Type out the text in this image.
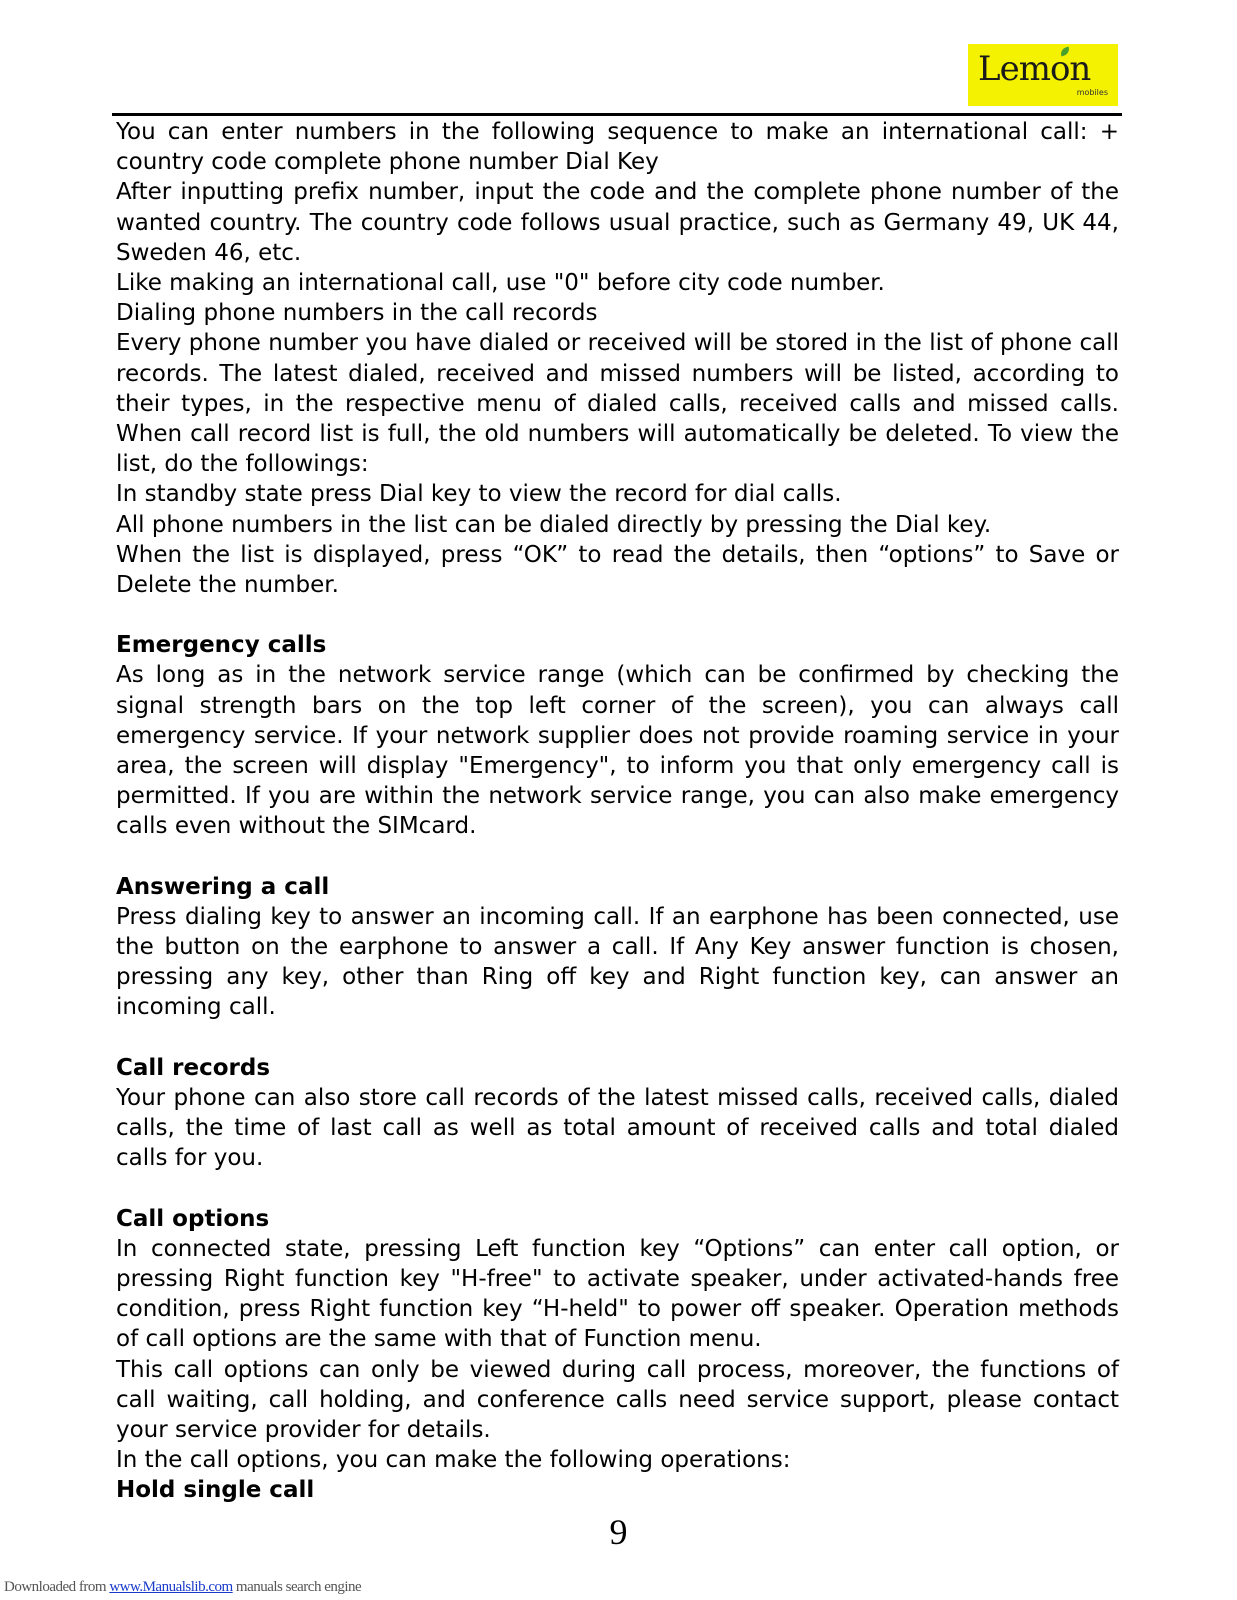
Lemon
mobiles

You can enter numbers in the following sequence to make an international call: + country code complete phone number Dial Key

After inputting prefix number, input the code and the complete phone number of the wanted country. The country code follows usual practice, such as Germany 49, UK 44, Sweden 46, etc.

Like making an international call, use "0" before city code number.

Dialing phone numbers in the call records

Every phone number you have dialed or received will be stored in the list of phone call records. The latest dialed, received and missed numbers will be listed, according to their types, in the respective menu of dialed calls, received calls and missed calls. When call record list is full, the old numbers will automatically be deleted. To view the list, do the followings:

In standby state press Dial key to view the record for dial calls.

All phone numbers in the list can be dialed directly by pressing the Dial key.

When the list is displayed, press “OK” to read the details, then “options” to Save or Delete the number.

Emergency calls

As long as in the network service range (which can be confirmed by checking the signal strength bars on the top left corner of the screen), you can always call emergency service. If your network supplier does not provide roaming service in your area, the screen will display "Emergency", to inform you that only emergency call is permitted. If you are within the network service range, you can also make emergency calls even without the SIMcard.

Answering a call

Press dialing key to answer an incoming call. If an earphone has been connected, use the button on the earphone to answer a call. If Any Key answer function is chosen, pressing any key, other than Ring off key and Right function key, can answer an incoming call.

Call records

Your phone can also store call records of the latest missed calls, received calls, dialed calls, the time of last call as well as total amount of received calls and total dialed calls for you.

Call options

In connected state, pressing Left function key “Options” can enter call option, or pressing Right function key "H-free" to activate speaker, under activated-hands free condition, press Right function key “H-held" to power off speaker. Operation methods of call options are the same with that of Function menu.

This call options can only be viewed during call process, moreover, the functions of call waiting, call holding, and conference calls need service support, please contact your service provider for details.

In the call options, you can make the following operations:

Hold single call
9
Downloaded from www.Manualslib.com manuals search engine
